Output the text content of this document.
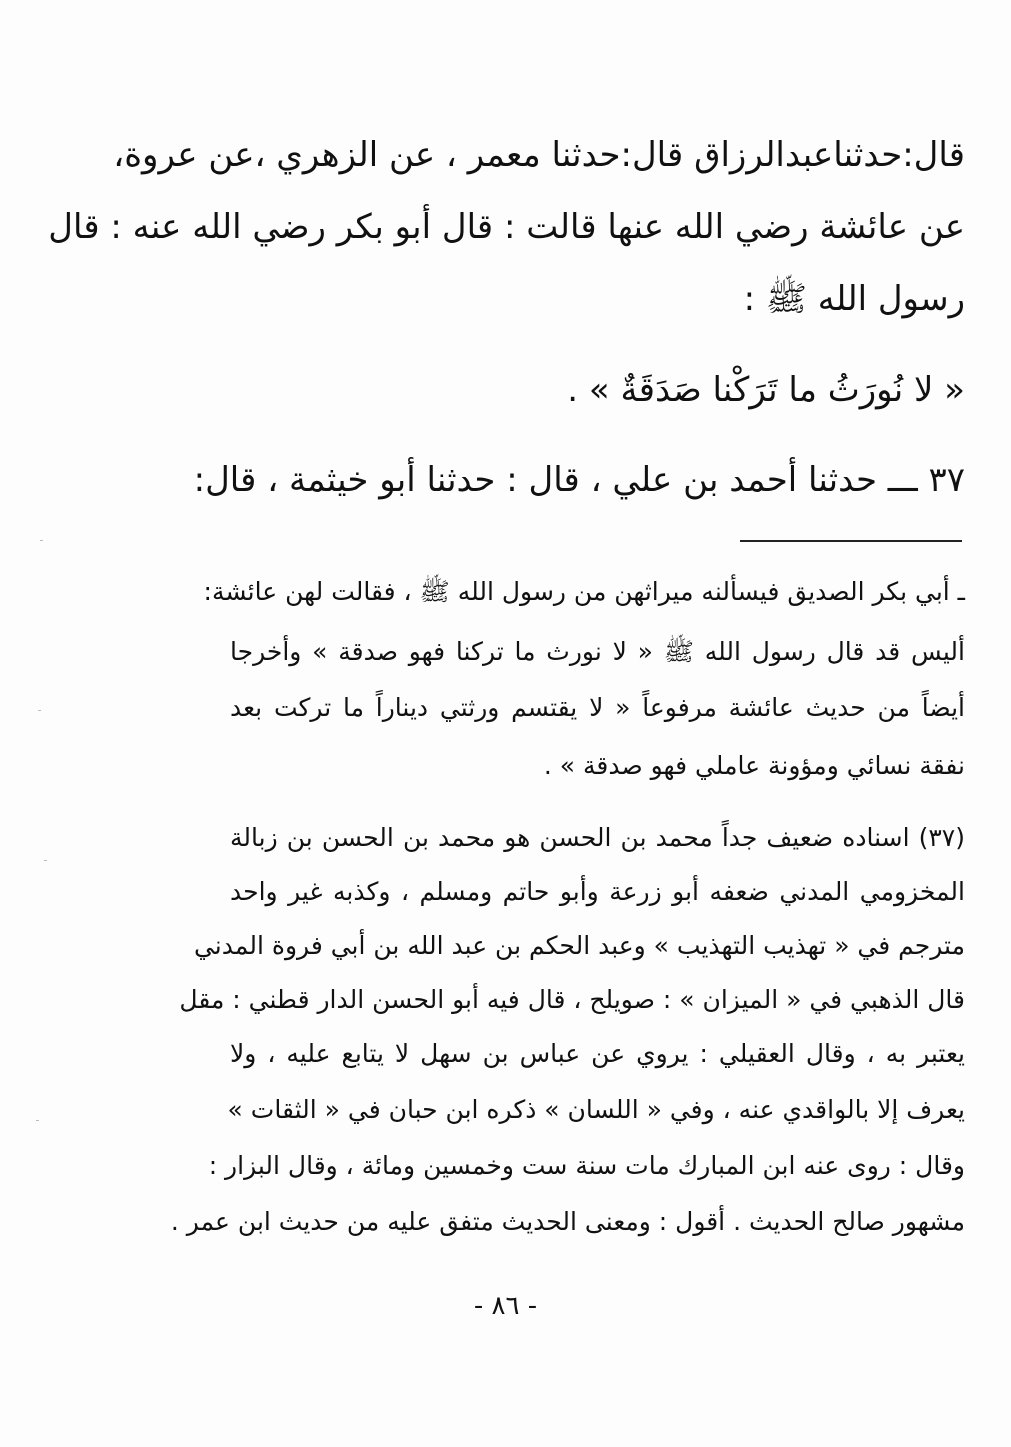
قال:حدثناعبدالرزاق قال:حدثنا معمر ، عن الزهري ،عن عروة،
عن عائشة رضي الله عنها قالت : قال أبو بكر رضي الله عنه : قال
رسول الله ﷺ :
« لا نُورَثُ ما تَرَكْنا صَدَقَةٌ » .
٣٧ ـــ حدثنا أحمد بن علي ، قال : حدثنا أبو خيثمة ، قال:
ـ أبي بكر الصديق فيسألنه ميراثهن من رسول الله ﷺ ، فقالت لهن عائشة:
أليس قد قال رسول الله ﷺ « لا نورث ما تركنا فهو صدقة » وأخرجا
أيضاً من حديث عائشة مرفوعاً « لا يقتسم ورثتي ديناراً ما تركت بعد
نفقة نسائي ومؤونة عاملي فهو صدقة » .
(٣٧) اسناده ضعيف جداً محمد بن الحسن هو محمد بن الحسن بن زبالة
المخزومي المدني ضعفه أبو زرعة وأبو حاتم ومسلم ، وكذبه غير واحد
مترجم في « تهذيب التهذيب » وعبد الحكم بن عبد الله بن أبي فروة المدني
قال الذهبي في « الميزان » : صويلح ، قال فيه أبو الحسن الدار قطني : مقل
يعتبر به ، وقال العقيلي : يروي عن عباس بن سهل لا يتابع عليه ، ولا
يعرف إلا بالواقدي عنه ، وفي « اللسان » ذكره ابن حبان في « الثقات »
وقال : روى عنه ابن المبارك مات سنة ست وخمسين ومائة ، وقال البزار :
مشهور صالح الحديث . أقول : ومعنى الحديث متفق عليه من حديث ابن عمر .
- ٨٦ -
